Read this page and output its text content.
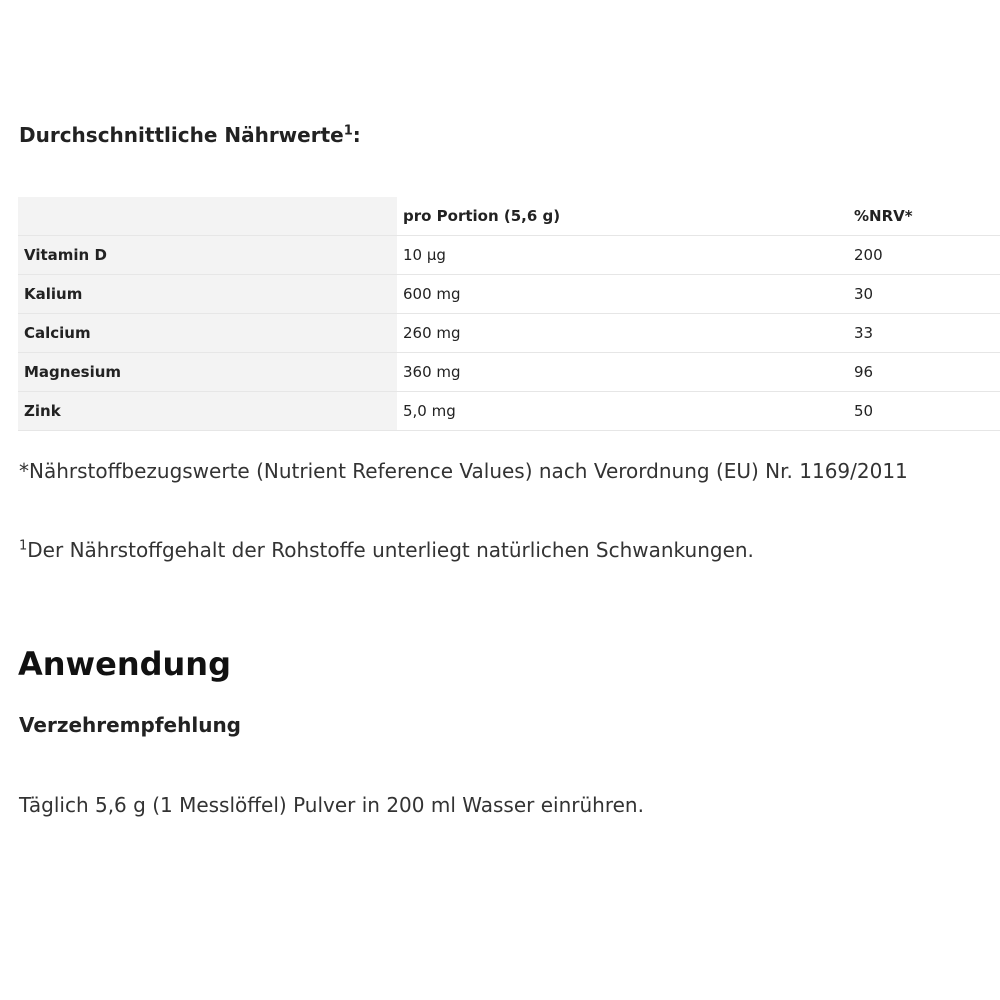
Durchschnittliche Nährwerte$^1$:
	pro Portion (5,6 g)	%NRV*
Vitamin D	10 µg	200
Kalium	600 mg	30
Calcium	260 mg	33
Magnesium	360 mg	96
Zink	5,0 mg	50

*Nährstoffbezugswerte (Nutrient Reference Values) nach Verordnung (EU) Nr. 1169/2011

$^1$Der Nährstoffgehalt der Rohstoffe unterliegt natürlichen Schwankungen.

Anwendung
Verzehrempfehlung

Täglich 5,6 g (1 Messlöffel) Pulver in 200 ml Wasser einrühren.
